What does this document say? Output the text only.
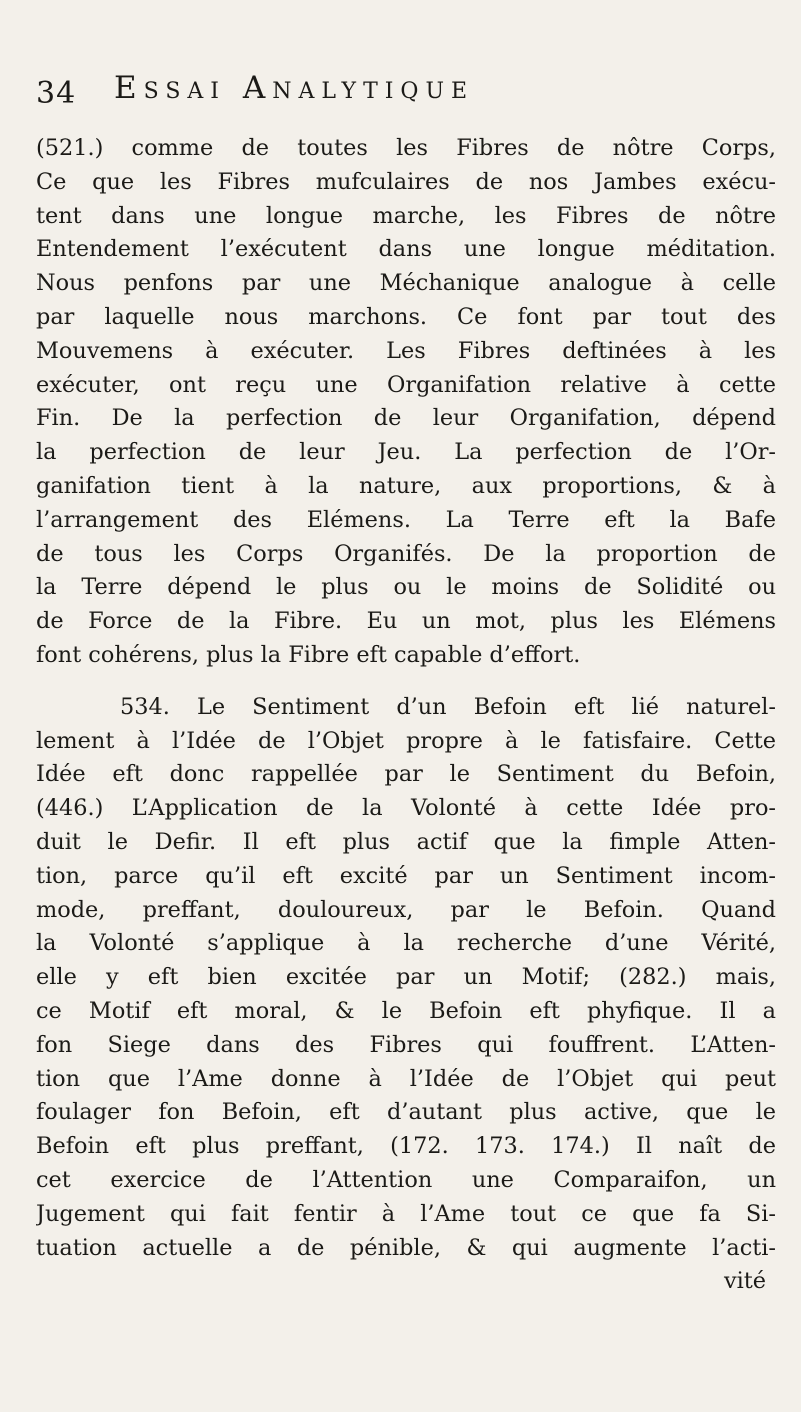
34 Essai Analytique
(521.) comme de toutes les Fibres de nôtre Corps,
Ce que les Fibres mufculaires de nos Jambes exécu-
tent dans une longue marche, les Fibres de nôtre
Entendement l’exécutent dans une longue méditation.
Nous penfons par une Méchanique analogue à celle
par laquelle nous marchons. Ce font par tout des
Mouvemens à exécuter. Les Fibres deftinées à les
exécuter, ont reçu une Organifation relative à cette
Fin. De la perfection de leur Organifation, dépend
la perfection de leur Jeu. La perfection de l’Or-
ganifation tient à la nature, aux proportions, & à
l’arrangement des Elémens. La Terre eft la Bafe
de tous les Corps Organifés. De la proportion de
la Terre dépend le plus ou le moins de Solidité ou
de Force de la Fibre. Eu un mot, plus les Elémens
font cohérens, plus la Fibre eft capable d’effort.
534. Le Sentiment d’un Befoin eft lié naturel-
lement à l’Idée de l’Objet propre à le fatisfaire. Cette
Idée eft donc rappellée par le Sentiment du Befoin,
(446.) L’Application de la Volonté à cette Idée pro-
duit le Defir. Il eft plus actif que la fimple Atten-
tion, parce qu’il eft excité par un Sentiment incom-
mode, preffant, douloureux, par le Befoin. Quand
la Volonté s’applique à la recherche d’une Vérité,
elle y eft bien excitée par un Motif; (282.) mais,
ce Motif eft moral, & le Befoin eft phyfique. Il a
fon Siege dans des Fibres qui fouffrent. L’Atten-
tion que l’Ame donne à l’Idée de l’Objet qui peut
foulager fon Befoin, eft d’autant plus active, que le
Befoin eft plus preffant, (172. 173. 174.) Il naît de
cet exercice de l’Attention une Comparaifon, un
Jugement qui fait fentir à l’Ame tout ce que fa Si-
tuation actuelle a de pénible, & qui augmente l’acti-
vité
